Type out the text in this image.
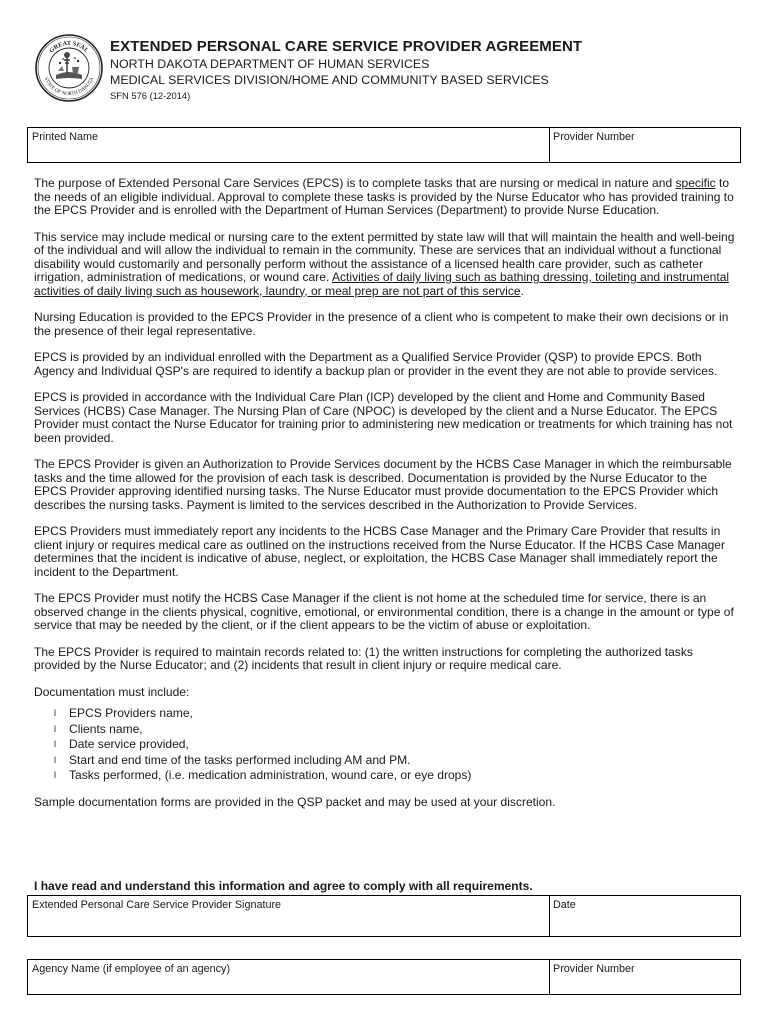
GREAT SEAL
STATE OF NORTH DAKOTA
EXTENDED PERSONAL CARE SERVICE PROVIDER AGREEMENT
NORTH DAKOTA DEPARTMENT OF HUMAN SERVICES
MEDICAL SERVICES DIVISION/HOME AND COMMUNITY BASED SERVICES
SFN 576 (12-2014)
Printed Name	Provider Number

The purpose of Extended Personal Care Services (EPCS) is to complete tasks that are nursing or medical in nature and specific to the needs of an eligible individual. Approval to complete these tasks is provided by the Nurse Educator who has provided training to the EPCS Provider and is enrolled with the Department of Human Services (Department) to provide Nurse Education.

This service may include medical or nursing care to the extent permitted by state law will that will maintain the health and well-being of the individual and will allow the individual to remain in the community. These are services that an individual without a functional disability would customarily and personally perform without the assistance of a licensed health care provider, such as catheter irrigation, administration of medications, or wound care. Activities of daily living such as bathing dressing, toileting and instrumental activities of daily living such as housework, laundry, or meal prep are not part of this service.

Nursing Education is provided to the EPCS Provider in the presence of a client who is competent to make their own decisions or in the presence of their legal representative.

EPCS is provided by an individual enrolled with the Department as a Qualified Service Provider (QSP) to provide EPCS. Both Agency and Individual QSP's are required to identify a backup plan or provider in the event they are not able to provide services.

EPCS is provided in accordance with the Individual Care Plan (ICP) developed by the client and Home and Community Based Services (HCBS) Case Manager. The Nursing Plan of Care (NPOC) is developed by the client and a Nurse Educator. The EPCS Provider must contact the Nurse Educator for training prior to administering new medication or treatments for which training has not been provided.

The EPCS Provider is given an Authorization to Provide Services document by the HCBS Case Manager in which the reimbursable tasks and the time allowed for the provision of each task is described. Documentation is provided by the Nurse Educator to the EPCS Provider approving identified nursing tasks. The Nurse Educator must provide documentation to the EPCS Provider which describes the nursing tasks. Payment is limited to the services described in the Authorization to Provide Services.

EPCS Providers must immediately report any incidents to the HCBS Case Manager and the Primary Care Provider that results in client injury or requires medical care as outlined on the instructions received from the Nurse Educator. If the HCBS Case Manager determines that the incident is indicative of abuse, neglect, or exploitation, the HCBS Case Manager shall immediately report the incident to the Department.

The EPCS Provider must notify the HCBS Case Manager if the client is not home at the scheduled time for service, there is an observed change in the clients physical, cognitive, emotional, or environmental condition, there is a change in the amount or type of service that may be needed by the client, or if the client appears to be the victim of abuse or exploitation.

The EPCS Provider is required to maintain records related to: (1) the written instructions for completing the authorized tasks provided by the Nurse Educator; and (2) incidents that result in client injury or require medical care.

Documentation must include:

l EPCS Providers name,
l Clients name,
l Date service provided,
l Start and end time of the tasks performed including AM and PM.
l Tasks performed, (i.e. medication administration, wound care, or eye drops)

Sample documentation forms are provided in the QSP packet and may be used at your discretion.

I have read and understand this information and agree to comply with all requirements.
Extended Personal Care Service Provider Signature	Date
Agency Name (if employee of an agency)	Provider Number
